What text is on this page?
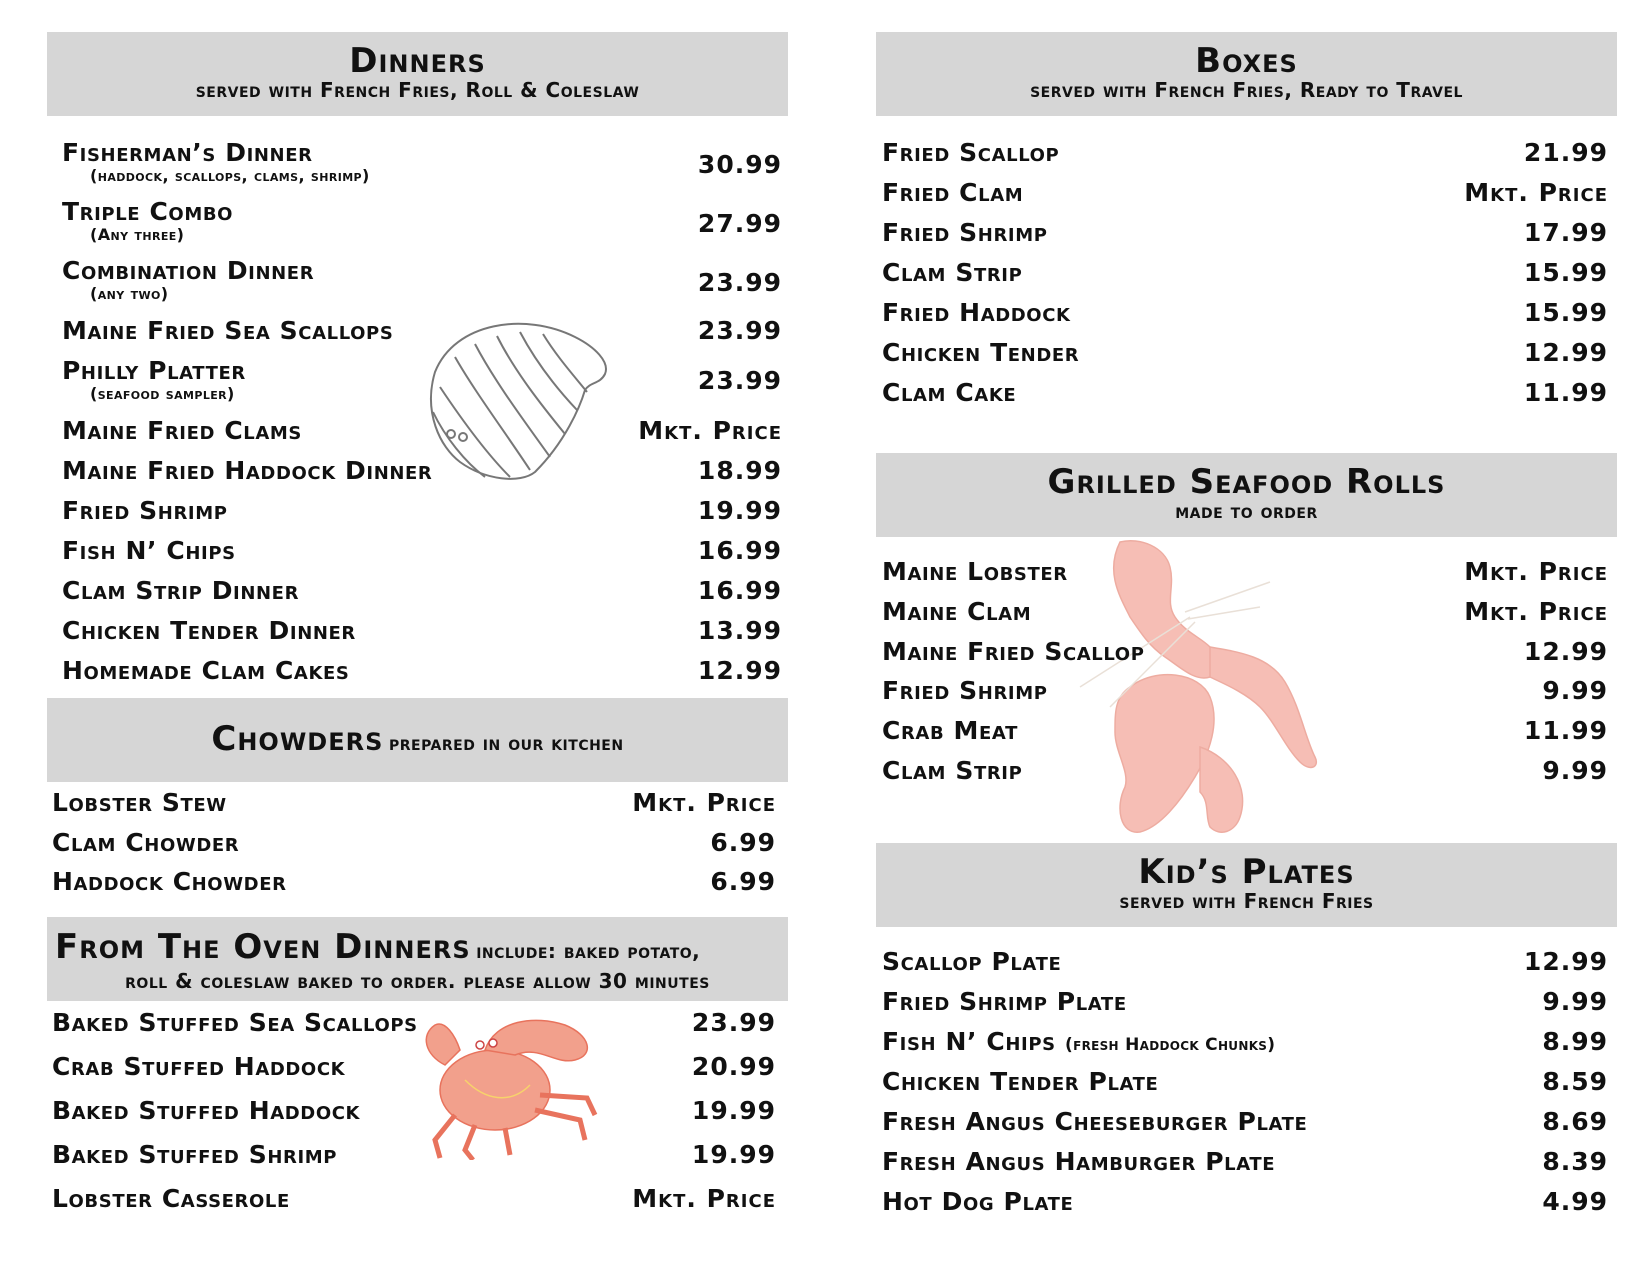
Dinners
served with French Fries, Roll & Coleslaw
Fisherman’s Dinner
(haddock, scallops, clams, shrimp)	30.99
Triple Combo
(Any three)	27.99
Combination Dinner
(any two)	23.99
Maine Fried Sea Scallops	23.99
Philly Platter
(seafood sampler)	23.99
Maine Fried Clams	Mkt. Price
Maine Fried Haddock Dinner	18.99
Fried Shrimp	19.99
Fish N’ Chips	16.99
Clam Strip Dinner	16.99
Chicken Tender Dinner	13.99
Homemade Clam Cakes	12.99
Chowders prepared in our kitchen
Lobster Stew	Mkt. Price
Clam Chowder	6.99
Haddock Chowder	6.99
From The Oven Dinners include: baked potato,
roll & coleslaw baked to order. please allow 30 minutes
Baked Stuffed Sea Scallops	23.99
Crab Stuffed Haddock	20.99
Baked Stuffed Haddock	19.99
Baked Stuffed Shrimp	19.99
Lobster Casserole	Mkt. Price
Boxes
served with French Fries, Ready to Travel
Fried Scallop	21.99
Fried Clam	Mkt. Price
Fried Shrimp	17.99
Clam Strip	15.99
Fried Haddock	15.99
Chicken Tender	12.99
Clam Cake	11.99
Grilled Seafood Rolls
made to order
Maine Lobster	Mkt. Price
Maine Clam	Mkt. Price
Maine Fried Scallop	12.99
Fried Shrimp	9.99
Crab Meat	11.99
Clam Strip	9.99
Kid’s Plates
served with French Fries
Scallop Plate	12.99
Fried Shrimp Plate	9.99
Fish N’ Chips (fresh Haddock Chunks)	8.99
Chicken Tender Plate	8.59
Fresh Angus Cheeseburger Plate	8.69
Fresh Angus Hamburger Plate	8.39
Hot Dog Plate	4.99
